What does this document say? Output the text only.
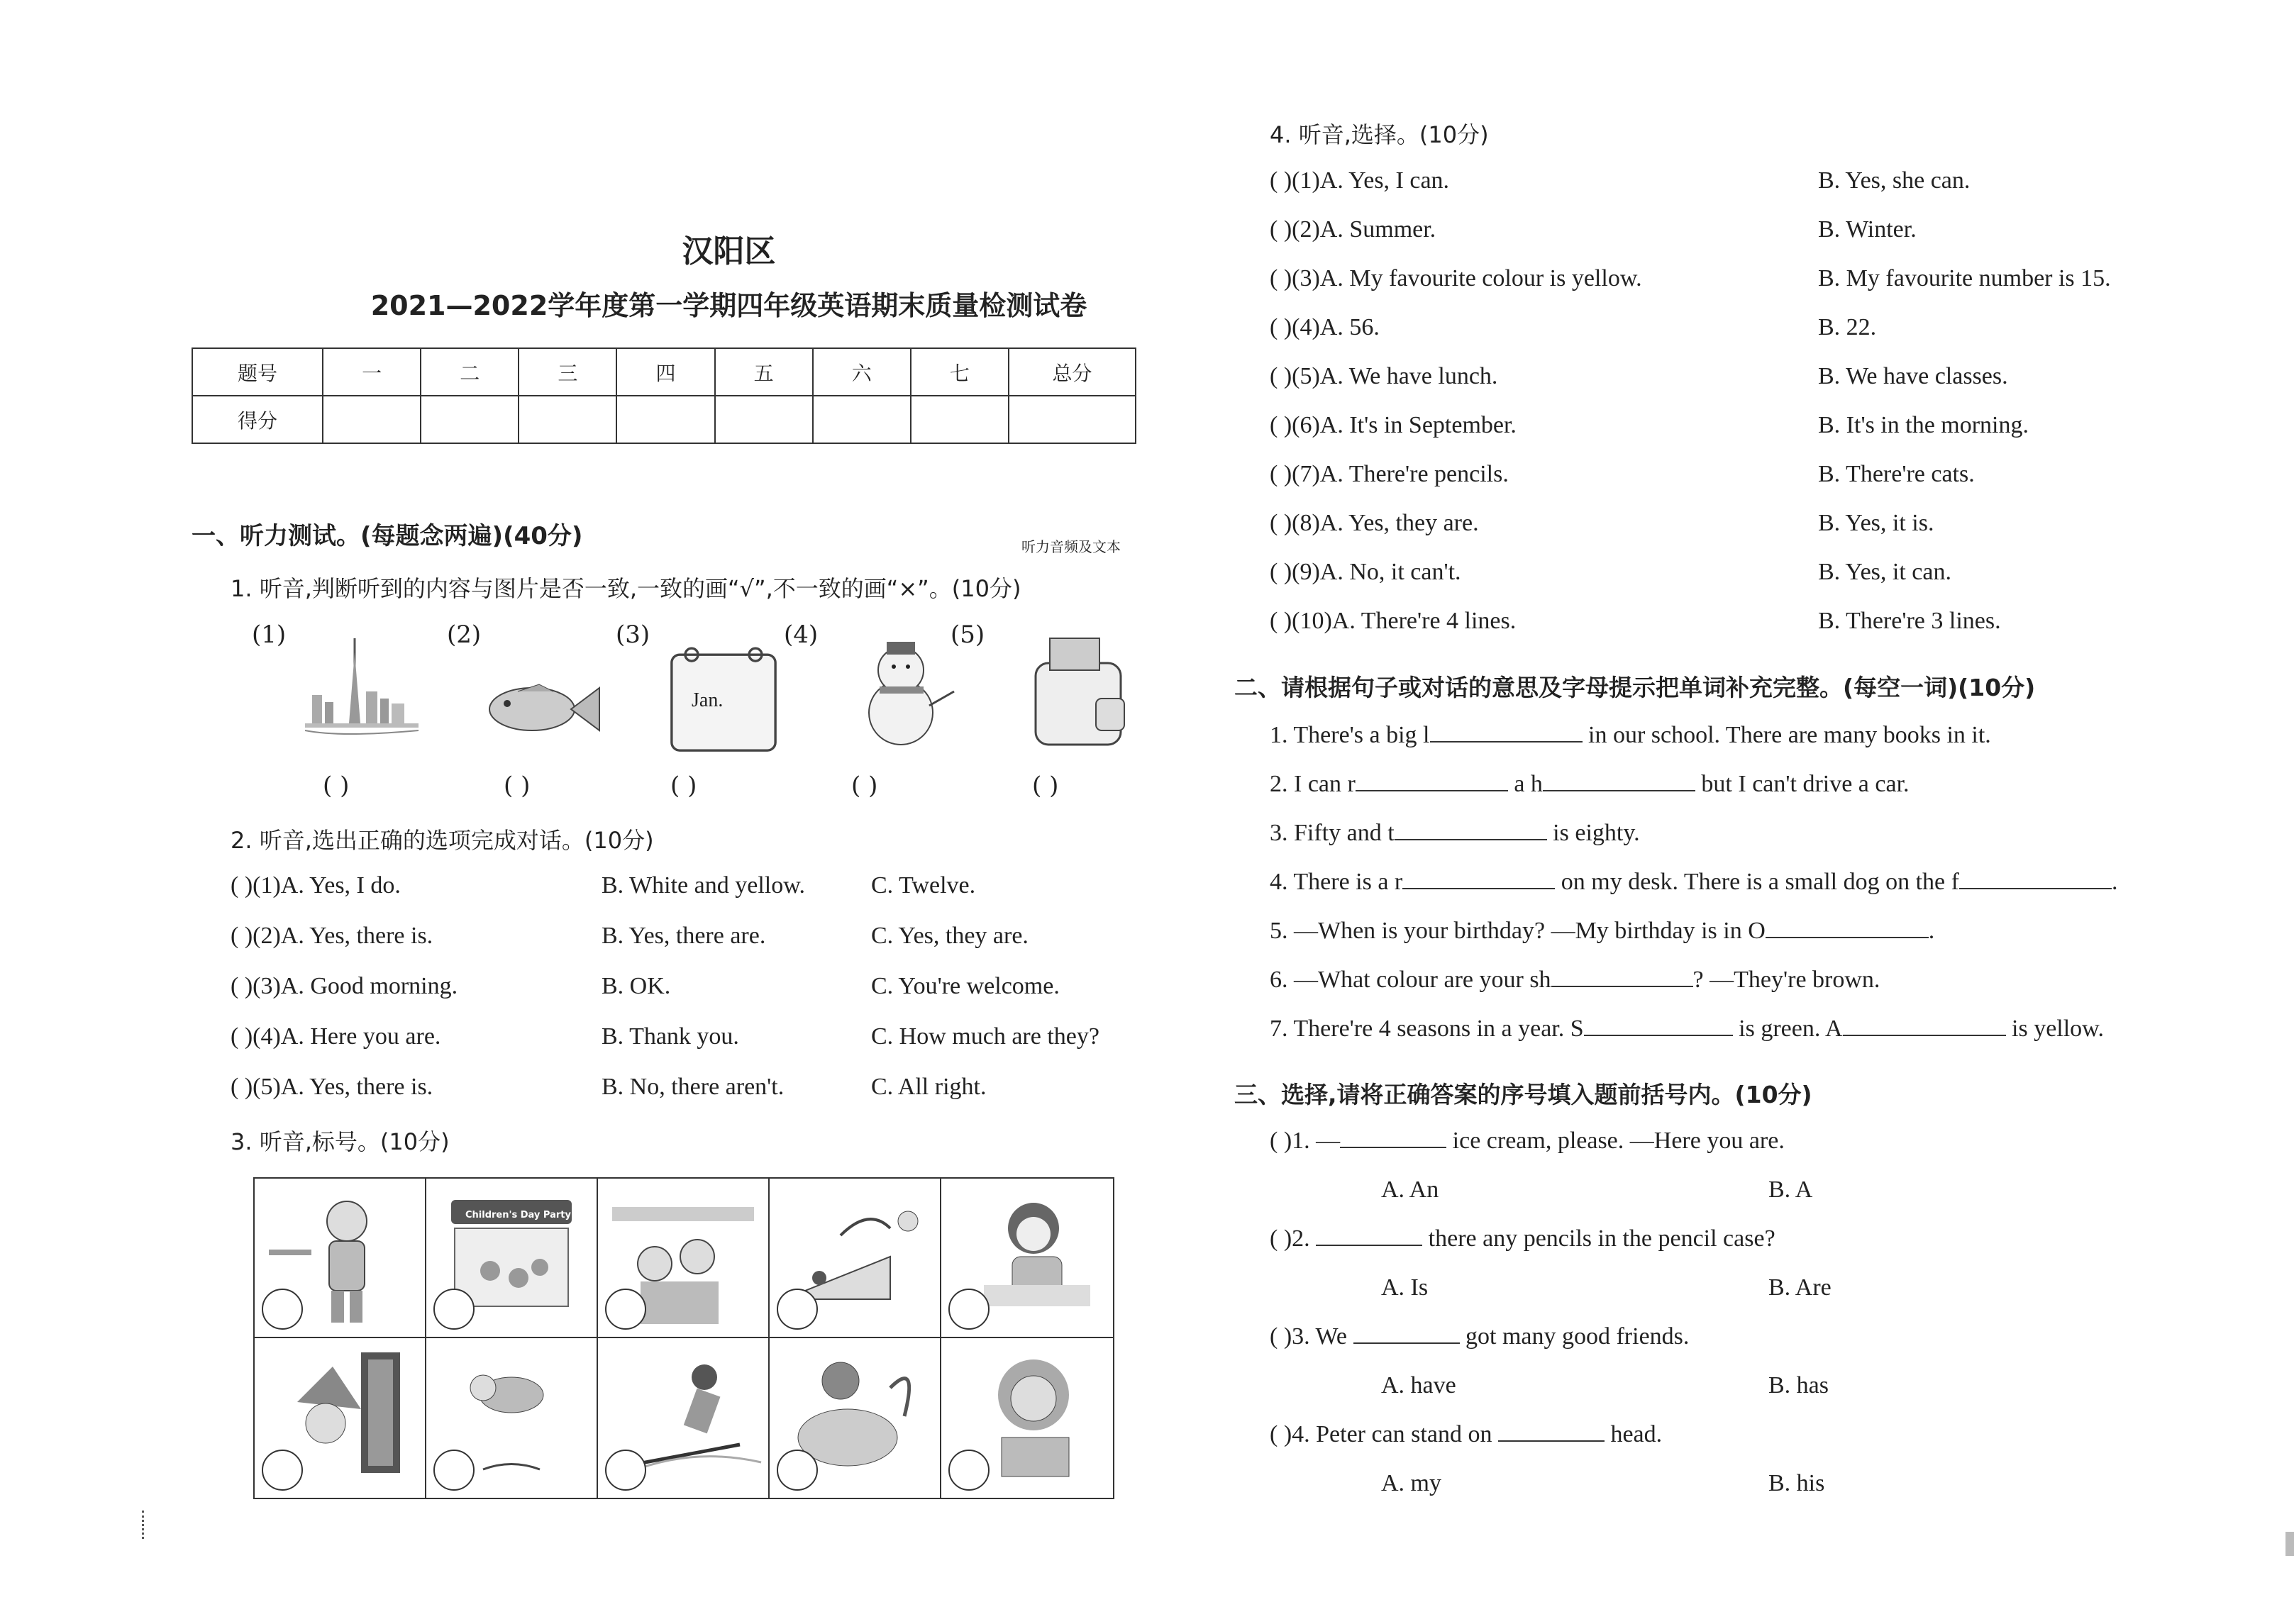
汉阳区
2021—2022学年度第一学期四年级英语期末质量检测试卷
题号	一	二	三	四	五	六	七	总分
得分								
一、听力测试。(每题念两遍)(40分)	听力音频及文本
1. 听音,判断听到的内容与图片是否一致,一致的画“√”,不一致的画“×”。(10分)
(1)	(2)	(3)	(4)	(5)
Jan.
( )	( )	( )	( )	( )
2. 听音,选出正确的选项完成对话。(10分)
( )(1)A. Yes, I do.	B. White and yellow.	C. Twelve.
( )(2)A. Yes, there is.	B. Yes, there are.	C. Yes, they are.
( )(3)A. Good morning.	B. OK.	C. You're welcome.
( )(4)A. Here you are.	B. Thank you.	C. How much are they?
( )(5)A. Yes, there is.	B. No, there aren't.	C. All right.
3. 听音,标号。(10分)
Children's Day Party
4. 听音,选择。(10分)
( )(1)A. Yes, I can.	B. Yes, she can.
( )(2)A. Summer.	B. Winter.
( )(3)A. My favourite colour is yellow.	B. My favourite number is 15.
( )(4)A. 56.	B. 22.
( )(5)A. We have lunch.	B. We have classes.
( )(6)A. It's in September.	B. It's in the morning.
( )(7)A. There're pencils.	B. There're cats.
( )(8)A. Yes, they are.	B. Yes, it is.
( )(9)A. No, it can't.	B. Yes, it can.
( )(10)A. There're 4 lines.	B. There're 3 lines.
二、请根据句子或对话的意思及字母提示把单词补充完整。(每空一词)(10分)
1. There's a big l	in our school. There are many books in it.
2. I can r	a h	but I can't drive a car.
3. Fifty and t	is eighty.
4. There is a r	on my desk. There is a small dog on the f	.
5. —When is your birthday? —My birthday is in O	.
6. —What colour are your sh	? —They're brown.
7. There're 4 seasons in a year. S	is green. A	is yellow.
三、选择,请将正确答案的序号填入题前括号内。(10分)
( )1. —	ice cream, please. —Here you are.
A. An	B. A
( )2.	there any pencils in the pencil case?
A. Is	B. Are
( )3. We	got many good friends.
A. have	B. has
( )4. Peter can stand on	head.
A. my	B. his
